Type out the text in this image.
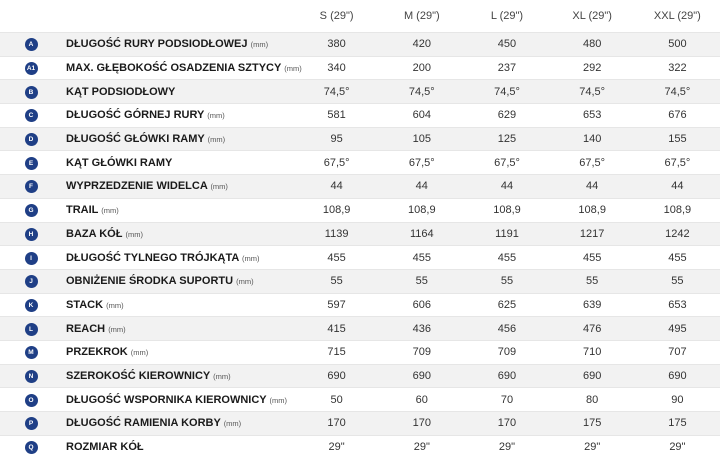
		S (29")	M (29")	L (29")	XL (29")	XXL (29")
A	DŁUGOŚĆ RURY PODSIODŁOWEJ (mm)	380	420	450	480	500
A1	MAX. GŁĘBOKOŚĆ OSADZENIA SZTYCY (mm)	340	200	237	292	322
B	KĄT PODSIODŁOWY	74,5°	74,5°	74,5°	74,5°	74,5°
C	DŁUGOŚĆ GÓRNEJ RURY (mm)	581	604	629	653	676
D	DŁUGOŚĆ GŁÓWKI RAMY (mm)	95	105	125	140	155
E	KĄT GŁÓWKI RAMY	67,5°	67,5°	67,5°	67,5°	67,5°
F	WYPRZEDZENIE WIDELCA (mm)	44	44	44	44	44
G	TRAIL (mm)	108,9	108,9	108,9	108,9	108,9
H	BAZA KÓŁ (mm)	1139	1164	1191	1217	1242
I	DŁUGOŚĆ TYLNEGO TRÓJKĄTA (mm)	455	455	455	455	455
J	OBNIŻENIE ŚRODKA SUPORTU (mm)	55	55	55	55	55
K	STACK (mm)	597	606	625	639	653
L	REACH (mm)	415	436	456	476	495
M	PRZEKROK (mm)	715	709	709	710	707
N	SZEROKOŚĆ KIEROWNICY (mm)	690	690	690	690	690
O	DŁUGOŚĆ WSPORNIKA KIEROWNICY (mm)	50	60	70	80	90
P	DŁUGOŚĆ RAMIENIA KORBY (mm)	170	170	170	175	175
Q	ROZMIAR KÓŁ	29"	29"	29"	29"	29"
